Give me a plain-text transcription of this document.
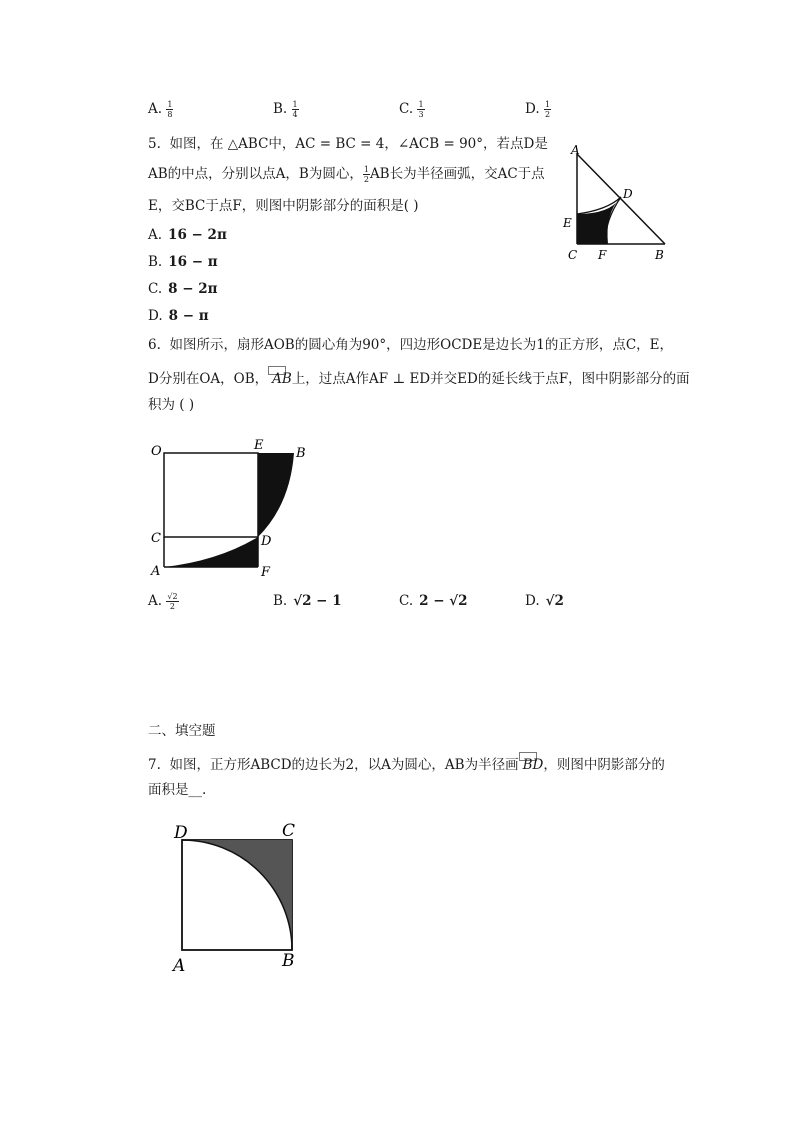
A. $\frac{1}{8}$	B. $\frac{1}{4}$	C. $\frac{1}{3}$	D. $\frac{1}{2}$
5. 如图，在 △ABC中，AC = BC = 4，∠ACB = 90°，若点D是
AB的中点，分别以点A，B为圆心， $\frac{1}{2}$ AB长为半径画弧，交AC于点
E，交BC于点F，则图中阴影部分的面积是( )
A. 16 − 2π
B. 16 − π
C. 8 − 2π
D. 8 − π
A
D
E
C F	B
6. 如图所示，扇形AOB的圆心角为90°，四边形OCDE是边长为1的正方形，点C，E，
D分别在OA，OB， AB上，过点A作AF ⊥ ED并交ED的延长线于点F，图中阴影部分的面
积为 ( )
O	E
B
C	D
A	F
A. $\frac{√2}{2}$	B. √2 − 1	C. 2 − √2	D. √2
二、填空题
7. 如图，正方形ABCD的边长为2，以A为圆心，AB为半径画 BD，则图中阴影部分的
面积是__.
D	C
A	B
